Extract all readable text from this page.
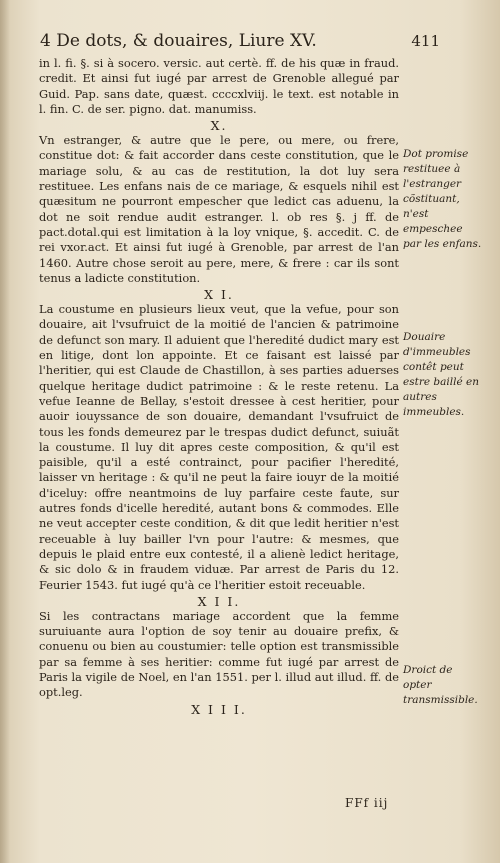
4 De dots, & douaires, Liure XV.	411

in l. fi. §. si à socero. versic. aut certè. ff. de his quæ in fraud. credit. Et ainsi fut iugé par arrest de Grenoble allegué par Guid. Pap. sans date, quæst. ccccxlviij. le text. est notable in l. fin. C. de ser. pigno. dat. manumiss.

X.

Vn estranger, & autre que le pere, ou mere, ou frere, constitue dot: & fait accorder dans ceste constitution, que le mariage solu, & au cas de restitution, la dot luy sera restituee. Les enfans nais de ce mariage, & esquels nihil est quæsitum ne pourront empescher que ledict cas aduenu, la dot ne soit rendue audit estranger. l. ob res §. j ff. de pact.dotal.qui est limitation à la loy vnique, §. accedit. C. de rei vxor.act. Et ainsi fut iugé à Grenoble, par arrest de l'an 1460. Autre chose seroit au pere, mere, & frere : car ils sont tenus a ladicte constitution.

X I.

La coustume en plusieurs lieux veut, que la vefue, pour son douaire, ait l'vsufruict de la moitié de l'ancien & patrimoine de defunct son mary. Il aduient que l'heredité dudict mary est en litige, dont lon appointe. Et ce faisant est laissé par l'heritier, qui est Claude de Chastillon, à ses parties aduerses quelque heritage dudict patrimoine : & le reste retenu. La vefue Ieanne de Bellay, s'estoit dressee à cest heritier, pour auoir iouyssance de son douaire, demandant l'vsufruict de tous les fonds demeurez par le trespas dudict defunct, suiuãt la coustume. Il luy dit apres ceste composition, & qu'il est paisible, qu'il a esté contrainct, pour pacifier l'heredité, laisser vn heritage : & qu'il ne peut la faire iouyr de la moitié d'iceluy: offre neantmoins de luy parfaire ceste faute, sur autres fonds d'icelle heredité, autant bons & commodes. Elle ne veut accepter ceste condition, & dit que ledit heritier n'est receuable à luy bailler l'vn pour l'autre: & mesmes, que depuis le plaid entre eux contesté, il a alienè ledict heritage, & sic dolo & in fraudem viduæ. Par arrest de Paris du 12. Feurier 1543. fut iugé qu'à ce l'heritier estoit receuable.

X I I.

Si les contractans mariage accordent que la femme suruiuante aura l'option de soy tenir au douaire prefix, & conuenu ou bien au coustumier: telle option est transmissible par sa femme à ses heritier: comme fut iugé par arrest de Paris la vigile de Noel, en l'an 1551. per l. illud aut illud. ff. de opt.leg.

X I I I.
Dot promise restituee à l'estranger cõstituant, n'est empeschee par les enfans.
Douaire d'immeubles contêt peut estre baillé en autres immeubles.
Droict de opter transmissible.
FFf iij
